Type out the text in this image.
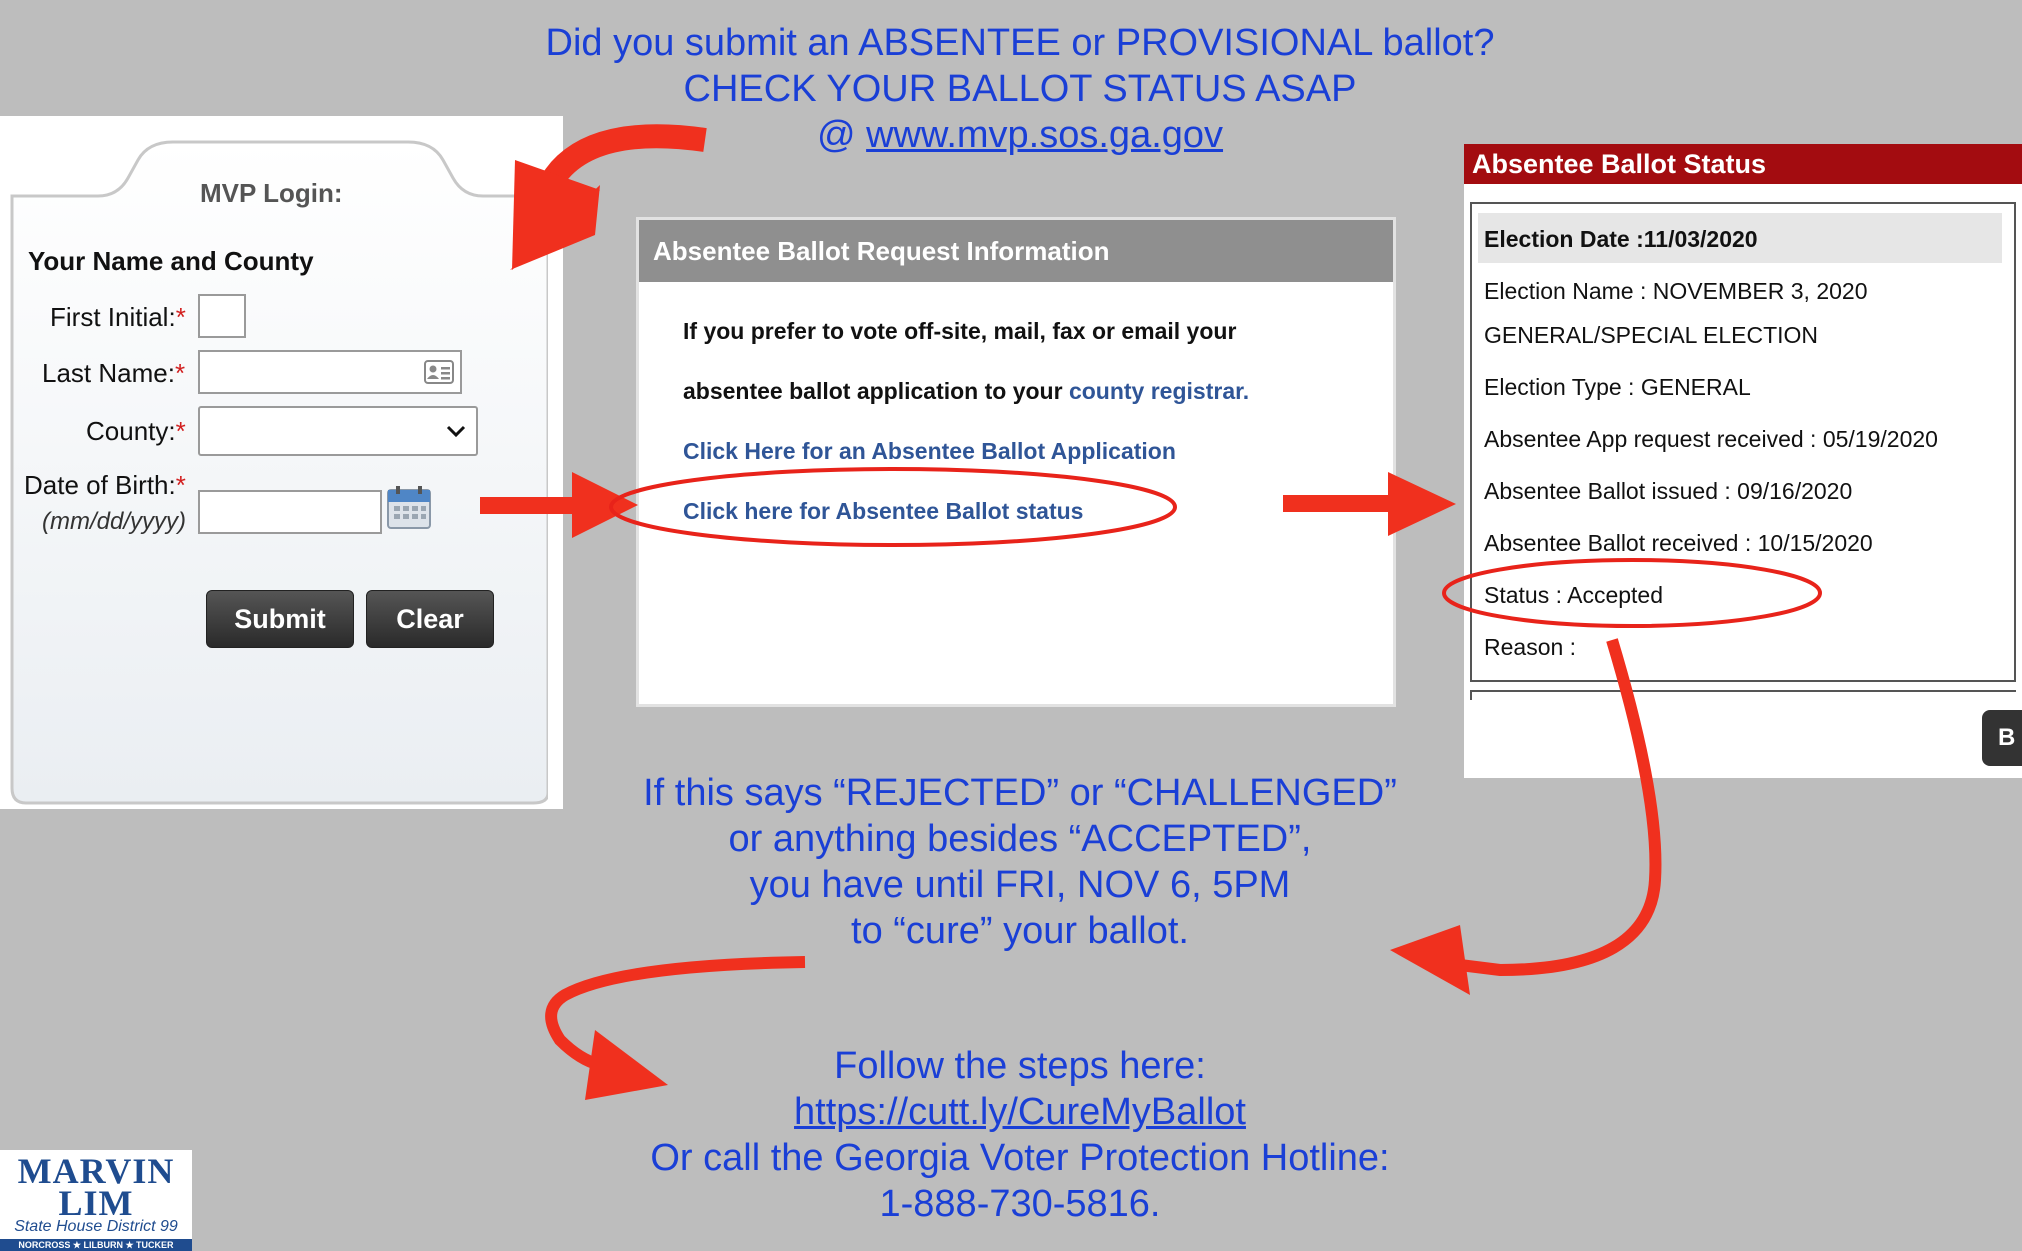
Did you submit an ABSENTEE or PROVISIONAL ballot?
CHECK YOUR BALLOT STATUS ASAP
@ www.mvp.sos.ga.gov
MVP Login:
Your Name and County
First Initial:*
Last Name:*
County:*
Date of Birth:*
(mm/dd/yyyy)
Submit	Clear
Absentee Ballot Request Information
If you prefer to vote off-site, mail, fax or email your
absentee ballot application to your county registrar.
Click Here for an Absentee Ballot Application
Click here for Absentee Ballot status
Absentee Ballot Status
Election Date :11/03/2020
Election Name : NOVEMBER 3, 2020
GENERAL/SPECIAL ELECTION
Election Type : GENERAL
Absentee App request received : 05/19/2020
Absentee Ballot issued : 09/16/2020
Absentee Ballot received : 10/15/2020
Status : Accepted
Reason :
B
If this says “REJECTED” or “CHALLENGED”
or anything besides “ACCEPTED”,
you have until FRI, NOV 6, 5PM
to “cure” your ballot.
Follow the steps here:
https://cutt.ly/CureMyBallot
Or call the Georgia Voter Protection Hotline:
1-888-730-5816.
MARVIN
LIM
State House District 99
NORCROSS ★ LILBURN ★ TUCKER
